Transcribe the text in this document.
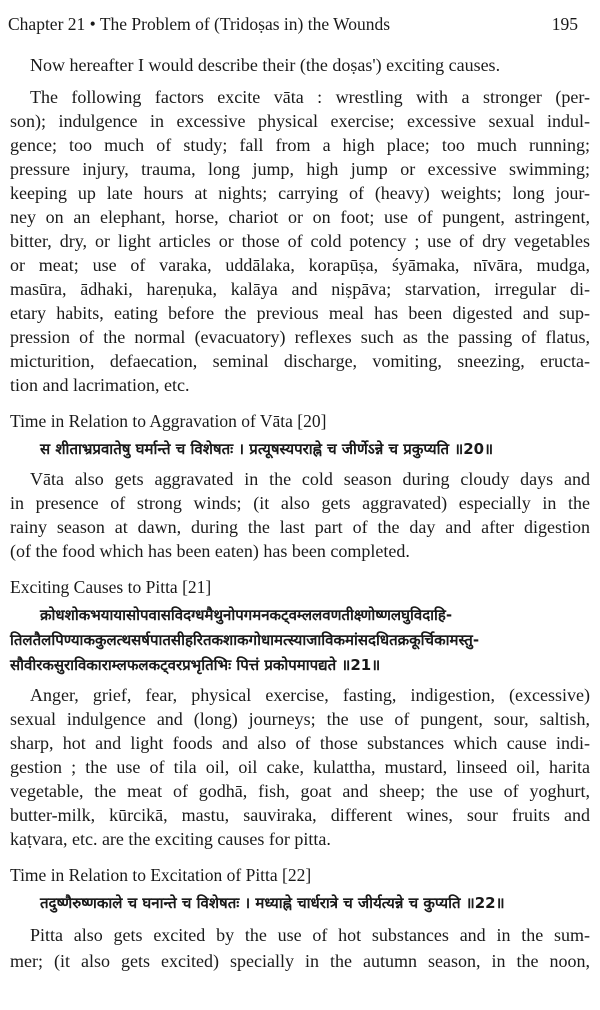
Chapter 21 • The Problem of (Tridoṣas in) the Wounds	195
Now hereafter I would describe their (the doṣas') exciting causes.
The following factors excite vāta : wrestling with a stronger (per-
son); indulgence in excessive physical exercise; excessive sexual indul-
gence; too much of study; fall from a high place; too much running;
pressure injury, trauma, long jump, high jump or excessive swimming;
keeping up late hours at nights; carrying of (heavy) weights; long jour-
ney on an elephant, horse, chariot or on foot; use of pungent, astringent,
bitter, dry, or light articles or those of cold potency ; use of dry vegetables
or meat; use of varaka, uddālaka, korapūṣa, śyāmaka, nīvāra, mudga,
masūra, ādhaki, hareṇuka, kalāya and niṣpāva; starvation, irregular di-
etary habits, eating before the previous meal has been digested and sup-
pression of the normal (evacuatory) reflexes such as the passing of flatus,
micturition, defaecation, seminal discharge, vomiting, sneezing, eructa-
tion and lacrimation, etc.
Time in Relation to Aggravation of Vāta [20]
स शीताभ्रप्रवातेषु घर्मान्ते च विशेषतः । प्रत्यूषस्यपराह्ने च जीर्णेऽन्ने च प्रकुप्यति ॥20॥
Vāta also gets aggravated in the cold season during cloudy days and
in presence of strong winds; (it also gets aggravated) especially in the
rainy season at dawn, during the last part of the day and after digestion
(of the food which has been eaten) has been completed.
Exciting Causes to Pitta [21]
क्रोधशोकभयायासोपवासविदग्धमैथुनोपगमनकट्वम्ललवणतीक्ष्णोष्णलघुविदाहि-
तिलतैलपिण्याककुलत्थसर्षपातसीहरितकशाकगोधामत्स्याजाविकमांसदधितक्रकूर्चिकामस्तु-
सौवीरकसुराविकाराम्लफलकट्वरप्रभृतिभिः पित्तं प्रकोपमापद्यते ॥21॥
Anger, grief, fear, physical exercise, fasting, indigestion, (excessive)
sexual indulgence and (long) journeys; the use of pungent, sour, saltish,
sharp, hot and light foods and also of those substances which cause indi-
gestion ; the use of tila oil, oil cake, kulattha, mustard, linseed oil, harita
vegetable, the meat of godhā, fish, goat and sheep; the use of yoghurt,
butter-milk, kūrcikā, mastu, sauviraka, different wines, sour fruits and
kaṭvara, etc. are the exciting causes for pitta.
Time in Relation to Excitation of Pitta [22]
तदुष्णैरुष्णकाले च घनान्ते च विशेषतः । मध्याह्ने चार्धरात्रे च जीर्यत्यन्ने च कुप्यति ॥22॥
Pitta also gets excited by the use of hot substances and in the sum-
mer; (it also gets excited) specially in the autumn season, in the noon,
